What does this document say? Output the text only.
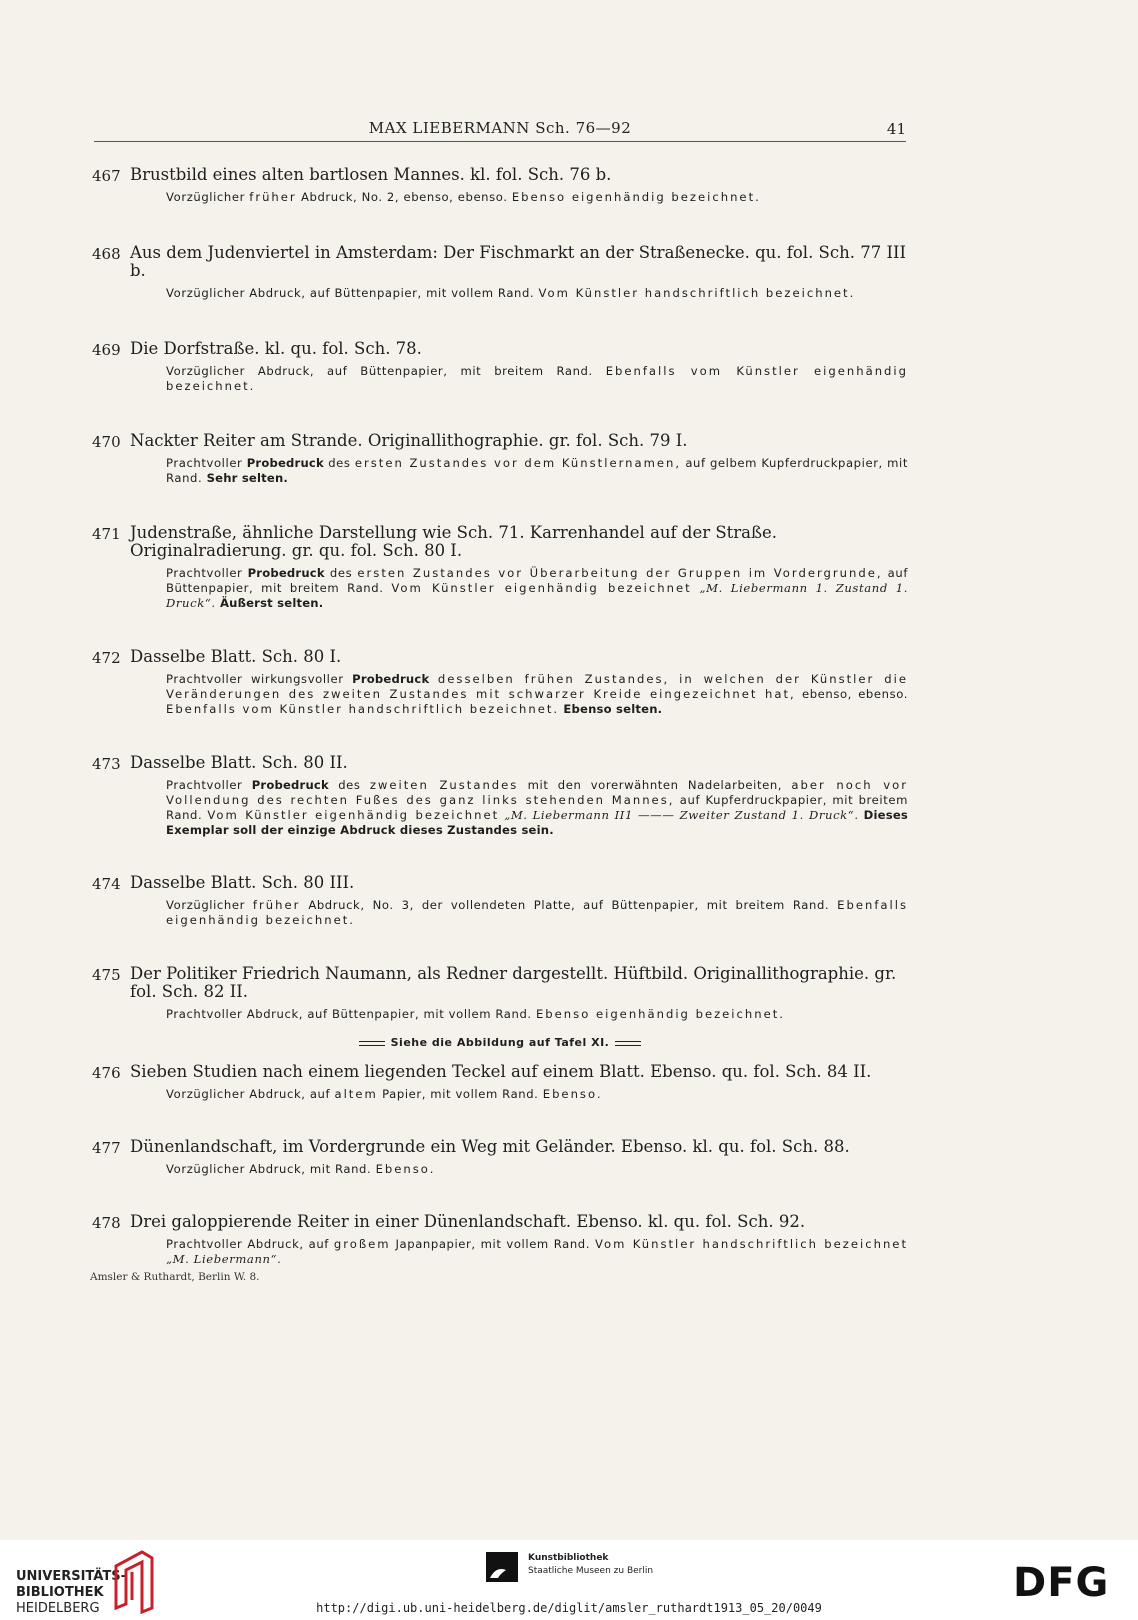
MAX LIEBERMANN Sch. 76—92	41
467 Brustbild eines alten bartlosen Mannes. kl. fol. Sch. 76 b.
Vorzüglicher früher Abdruck, No. 2, ebenso, ebenso. Ebenso eigenhändig bezeichnet.
468 Aus dem Judenviertel in Amsterdam: Der Fischmarkt an der Straßenecke. qu. fol. Sch. 77 III b.
Vorzüglicher Abdruck, auf Büttenpapier, mit vollem Rand. Vom Künstler handschriftlich bezeichnet.
469 Die Dorfstraße. kl. qu. fol. Sch. 78.
Vorzüglicher Abdruck, auf Büttenpapier, mit breitem Rand. Ebenfalls vom Künstler eigenhändig bezeichnet.
470 Nackter Reiter am Strande. Originallithographie. gr. fol. Sch. 79 I.
Prachtvoller Probedruck des ersten Zustandes vor dem Künstlernamen, auf gelbem Kupferdruckpapier, mit Rand. Sehr selten.
471 Judenstraße, ähnliche Darstellung wie Sch. 71. Karrenhandel auf der Straße. Originalradierung. gr. qu. fol. Sch. 80 I.
Prachtvoller Probedruck des ersten Zustandes vor Überarbeitung der Gruppen im Vordergrunde, auf Büttenpapier, mit breitem Rand. Vom Künstler eigenhändig bezeichnet „M. Liebermann 1. Zustand 1. Druck“. Äußerst selten.
472 Dasselbe Blatt. Sch. 80 I.
Prachtvoller wirkungsvoller Probedruck desselben frühen Zustandes, in welchen der Künstler die Veränderungen des zweiten Zustandes mit schwarzer Kreide eingezeichnet hat, ebenso, ebenso. Ebenfalls vom Künstler handschriftlich bezeichnet. Ebenso selten.
473 Dasselbe Blatt. Sch. 80 II.
Prachtvoller Probedruck des zweiten Zustandes mit den vorerwähnten Nadelarbeiten, aber noch vor Vollendung des rechten Fußes des ganz links stehenden Mannes, auf Kupferdruckpapier, mit breitem Rand. Vom Künstler eigenhändig bezeichnet „M. Liebermann II1 ——— Zweiter Zustand 1. Druck“. Dieses Exemplar soll der einzige Abdruck dieses Zustandes sein.
474 Dasselbe Blatt. Sch. 80 III.
Vorzüglicher früher Abdruck, No. 3, der vollendeten Platte, auf Büttenpapier, mit breitem Rand. Ebenfalls eigenhändig bezeichnet.
475 Der Politiker Friedrich Naumann, als Redner dargestellt. Hüftbild. Originallithographie. gr. fol. Sch. 82 II.
Prachtvoller Abdruck, auf Büttenpapier, mit vollem Rand. Ebenso eigenhändig bezeichnet.
Siehe die Abbildung auf Tafel XI.
476 Sieben Studien nach einem liegenden Teckel auf einem Blatt. Ebenso. qu. fol. Sch. 84 II.
Vorzüglicher Abdruck, auf altem Papier, mit vollem Rand. Ebenso.
477 Dünenlandschaft, im Vordergrunde ein Weg mit Geländer. Ebenso. kl. qu. fol. Sch. 88.
Vorzüglicher Abdruck, mit Rand. Ebenso.
478 Drei galoppierende Reiter in einer Dünenlandschaft. Ebenso. kl. qu. fol. Sch. 92.
Prachtvoller Abdruck, auf großem Japanpapier, mit vollem Rand. Vom Künstler handschriftlich bezeichnet „M. Liebermann“.
Amsler & Ruthardt, Berlin W. 8.
UNIVERSITÄTS-
BIBLIOTHEK
HEIDELBERG
Kunstbibliothek
Staatliche Museen zu Berlin	DFG
http://digi.ub.uni-heidelberg.de/diglit/amsler_ruthardt1913_05_20/0049
